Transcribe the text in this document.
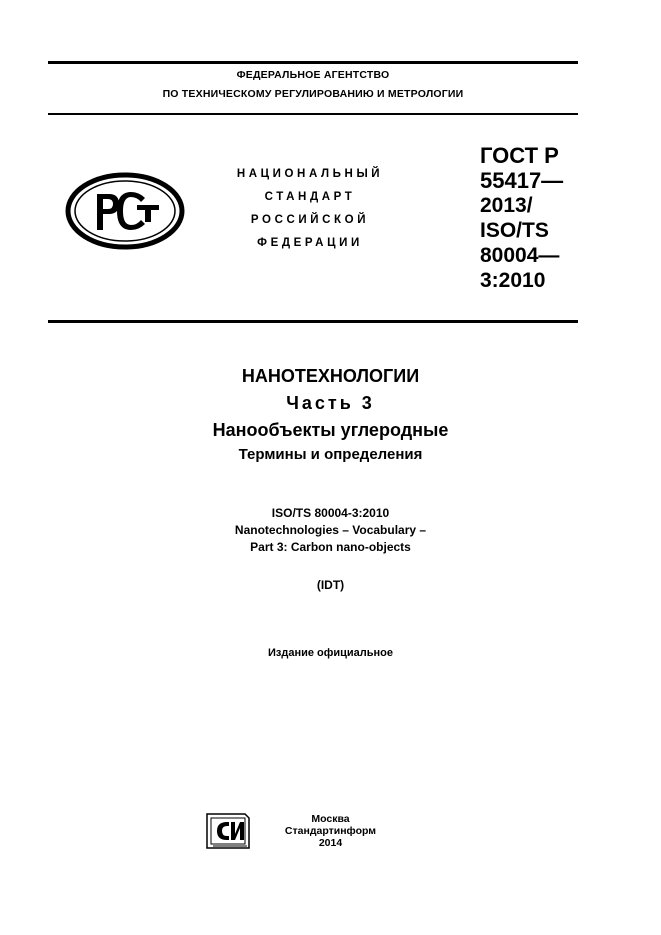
ФЕДЕРАЛЬНОЕ АГЕНТСТВО
ПО ТЕХНИЧЕСКОМУ РЕГУЛИРОВАНИЮ И МЕТРОЛОГИИ
НАЦИОНАЛЬНЫЙ
СТАНДАРТ
РОССИЙСКОЙ
ФЕДЕРАЦИИ
ГОСТ Р
55417—
2013/
ISO/TS
80004—
3:2010
НАНОТЕХНОЛОГИИ
Часть 3
Нанообъекты углеродные
Термины и определения
ISO/TS 80004-3:2010
Nanotechnologies – Vocabulary –
Part 3: Carbon nano-objects
(IDT)
Издание официальное
Москва
Стандартинформ
2014
